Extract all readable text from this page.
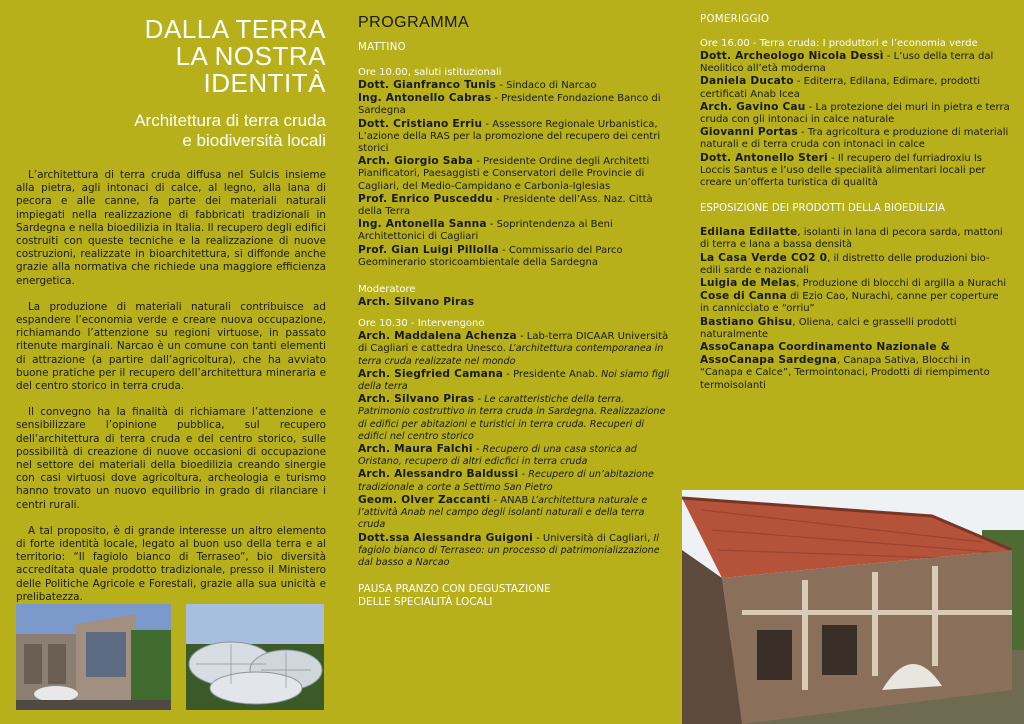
DALLA TERRA
LA NOSTRA
IDENTITÀ
Architettura di terra cruda
e biodiversità locali

L’architettura di terra cruda diffusa nel Sulcis insieme alla pietra, agli intonaci di calce, al legno, alla lana di pecora e alle canne, fa parte dei materiali naturali impiegati nella realizzazione di fabbricati tradizionali in Sardegna e nella bioedilizia in Italia. Il recupero degli edifici costruiti con queste tecniche e la realizzazione di nuove costruzioni, realizzate in bioarchitettura, si diffonde anche grazie alla normativa che richiede una maggiore efficienza energetica.

La produzione di materiali naturali contribuisce ad espandere l’economia verde e creare nuova occupazione, richiamando l’attenzione su regioni virtuose, in passato ritenute marginali. Narcao è un comune con tanti elementi di attrazione (a partire dall’agricoltura), che ha avviato buone pratiche per il recupero dell’architettura mineraria e del centro storico in terra cruda.

Il convegno ha la finalità di richiamare l’attenzione e sensibilizzare l’opinione pubblica, sul recupero dell’architettura di terra cruda e del centro storico, sulle possibilità di creazione di nuove occasioni di occupazione nel settore dei materiali della bioedilizia creando sinergie con casi virtuosi dove agricoltura, archeologia e turismo hanno trovato un nuovo equilibrio in grado di rilanciare i centri rurali.

A tal proposito, è di grande interesse un altro elemento di forte identità locale, legato al buon uso della terra e al territorio: “Il fagiolo bianco di Terraseo”, bio diversità accreditata quale prodotto tradizionale, presso il Ministero delle Politiche Agricole e Forestali, grazie alla sua unicità e prelibatezza.

PROGRAMMA
MATTINO
Ore 10.00, saluti istituzionali

Dott. Gianfranco Tunis - Sindaco di Narcao

Ing. Antonello Cabras - Presidente Fondazione Banco di Sardegna

Dott. Cristiano Erriu - Assessore Regionale Urbanistica, L’azione della RAS per la promozione del recupero dei centri storici

Arch. Giorgio Saba - Presidente Ordine degli Architetti Pianificatori, Paesaggisti e Conservatori delle Provincie di Cagliari, del Medio-Campidano e Carbonia-Iglesias

Prof. Enrico Pusceddu - Presidente dell’Ass. Naz. Città della Terra

Ing. Antonella Sanna - Soprintendenza ai Beni Architettonici di Cagliari

Prof. Gian Luigi Pillolla - Commissario del Parco Geominerario storicoambientale della Sardegna

Moderatore

Arch. Silvano Piras

Ore 10.30 - Intervengono

Arch. Maddalena Achenza - Lab-terra DICAAR Università di Cagliari e cattedra Unesco. L’architettura contemporanea in terra cruda realizzate nel mondo

Arch. Siegfried Camana - Presidente Anab. Noi siamo figli della terra

Arch. Silvano Piras - Le caratteristiche della terra. Patrimonio costruttivo in terra cruda in Sardegna. Realizzazione di edifici per abitazioni e turistici in terra cruda. Recuperi di edifici nel centro storico

Arch. Maura Falchi - Recupero di una casa storica ad Oristano, recupero di altri edicfici in terra cruda

Arch. Alessandro Baldussi - Recupero di un’abitazione tradizionale a corte a Settimo San Pietro

Geom. Olver Zaccanti - ANAB L’architettura naturale e l’attività Anab nel campo degli isolanti naturali e della terra cruda

Dott.ssa Alessandra Guigoni - Università di Cagliari, Il fagiolo bianco di Terraseo: un processo di patrimonializzazione dal basso a Narcao

PAUSA PRANZO CON DEGUSTAZIONE
DELLE SPECIALITÀ LOCALI
POMERIGGIO
Ore 16.00 - Terra cruda: I produttori e l’economia verde

Dott. Archeologo Nicola Dessì - L’uso della terra dal Neolitico all’età moderna

Daniela Ducato - Editerra, Edilana, Edimare, prodotti certificati Anab Icea

Arch. Gavino Cau - La protezione dei muri in pietra e terra cruda con gli intonaci in calce naturale

Giovanni Portas - Tra agricoltura e produzione di materiali naturali e di terra cruda con intonaci in calce

Dott. Antonello Steri - Il recupero del furriadroxiu Is Loccis Santus e l’uso delle specialità alimentari locali per creare un’offerta turistica di qualità

ESPOSIZIONE DEI PRODOTTI DELLA BIOEDILIZIA

Edilana Edilatte, isolanti in lana di pecora sarda, mattoni di terra e lana a bassa densità

La Casa Verde CO2 0, il distretto delle produzioni bio-edili sarde e nazionali

Luigia de Melas, Produzione di blocchi di argilla a Nurachi

Cose di Canna di Ezio Cao, Nurachi, canne per coperture in canniccìato e “orriu”

Bastiano Ghisu, Oliena, calci e grasselli prodotti naturalmente

AssoCanapa Coordinamento Nazionale & AssoCanapa Sardegna, Canapa Sativa, Blocchi in “Canapa e Calce”, Termointonaci, Prodotti di riempimento termoisolanti
